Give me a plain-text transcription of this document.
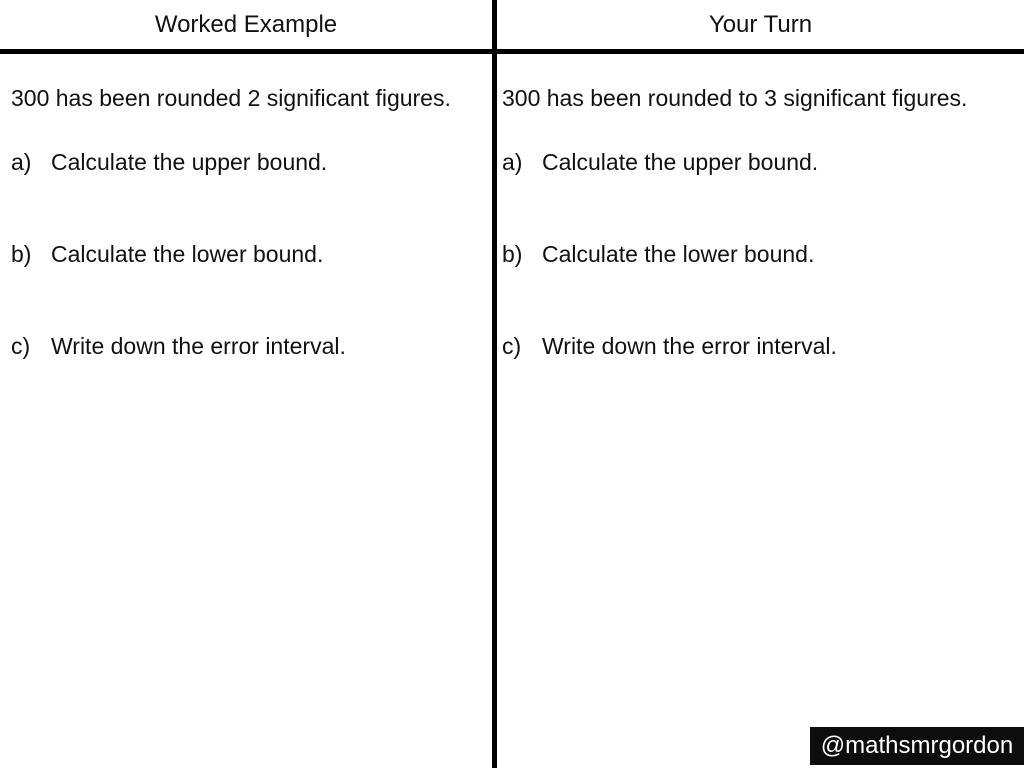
Worked Example	Your Turn

300 has been rounded 2 significant figures.

a) Calculate the upper bound.
b) Calculate the lower bound.
c) Write down the error interval.

300 has been rounded to 3 significant figures.

a) Calculate the upper bound.
b) Calculate the lower bound.
c) Write down the error interval.
@mathsmrgordon
